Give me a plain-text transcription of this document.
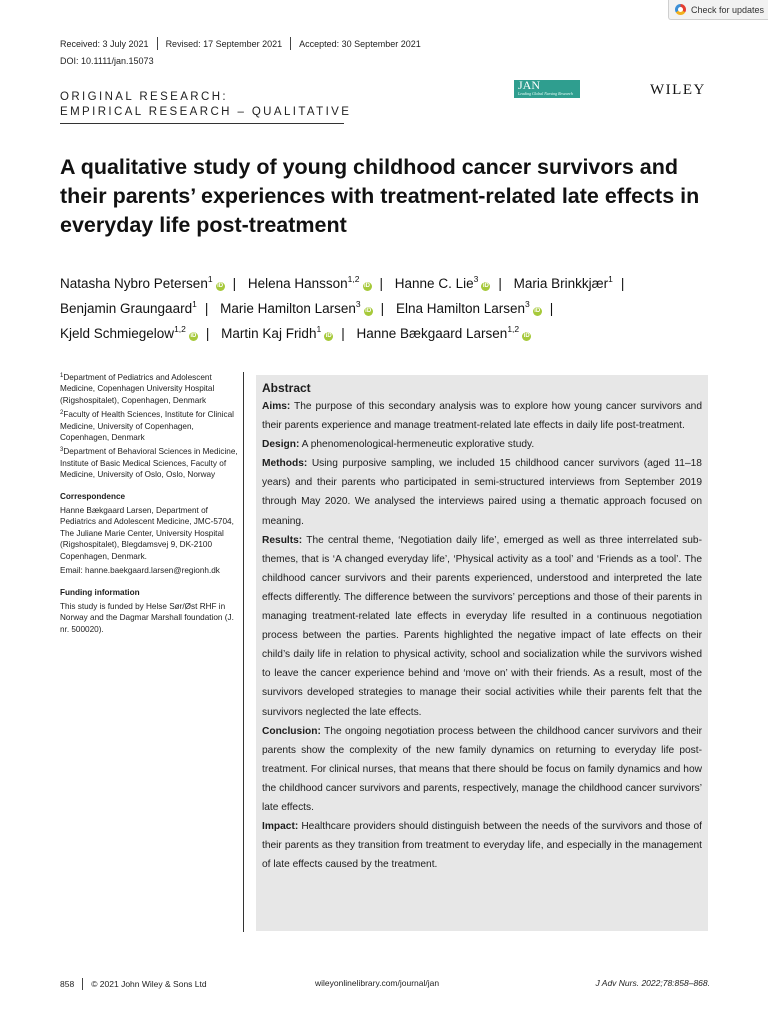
Check for updates
Received: 3 July 2021 Revised: 17 September 2021 Accepted: 30 September 2021
DOI: 10.1111/jan.15073
JAN
Leading Global Nursing Research	WILEY
ORIGINAL RESEARCH:
EMPIRICAL RESEARCH – QUALITATIVE
A qualitative study of young childhood cancer survivors and their parents’ experiences with treatment-related late effects in everyday life post-treatment
Natasha Nybro Petersen$^1$iD | Helena Hansson$^{1,2}$iD | Hanne C. Lie$^3$iD | Maria Brinkkjær$^1$ |
Benjamin Graungaard$^1$ | Marie Hamilton Larsen$^3$iD | Elna Hamilton Larsen$^3$iD |
Kjeld Schmiegelow$^{1,2}$iD | Martin Kaj Fridh$^1$iD | Hanne Bækgaard Larsen$^{1,2}$iD

$^1$Department of Pediatrics and Adolescent Medicine, Copenhagen University Hospital (Rigshospitalet), Copenhagen, Denmark

$^2$Faculty of Health Sciences, Institute for Clinical Medicine, University of Copenhagen, Copenhagen, Denmark

$^3$Department of Behavioral Sciences in Medicine, Institute of Basic Medical Sciences, Faculty of Medicine, University of Oslo, Oslo, Norway

Correspondence

Hanne Bækgaard Larsen, Department of Pediatrics and Adolescent Medicine, JMC-5704, The Juliane Marie Center, University Hospital (Rigshospitalet), Blegdamsvej 9, DK-2100 Copenhagen, Denmark.

Email: hanne.baekgaard.larsen@regionh.dk

Funding information

This study is funded by Helse Sør/Øst RHF in Norway and the Dagmar Marshall foundation (J. nr. 500020).

Abstract

Aims: The purpose of this secondary analysis was to explore how young cancer survivors and their parents experience and manage treatment-related late effects in daily life post-treatment.

Design: A phenomenological-hermeneutic explorative study.

Methods: Using purposive sampling, we included 15 childhood cancer survivors (aged 11–18 years) and their parents who participated in semi-structured interviews from September 2019 through May 2020. We analysed the interviews paired using a thematic approach focused on meaning.

Results: The central theme, ‘Negotiation daily life’, emerged as well as three interrelated sub-themes, that is ‘A changed everyday life’, ‘Physical activity as a tool’ and ‘Friends as a tool’. The childhood cancer survivors and their parents experienced, understood and interpreted the late effects differently. The difference between the survivors’ perceptions and those of their parents in managing treatment-related late effects in everyday life resulted in a continuous negotiation process between the parties. Parents highlighted the negative impact of late effects on their child’s daily life in relation to physical activity, school and socialization while the survivors wished to leave the cancer experience behind and ‘move on’ with their friends. As a result, most of the survivors developed strategies to manage their social activities while their parents felt that the survivors neglected the late effects.

Conclusion: The ongoing negotiation process between the childhood cancer survivors and their parents show the complexity of the new family dynamics on returning to everyday life post-treatment. For clinical nurses, that means that there should be focus on family dynamics and how the childhood cancer survivors and parents, respectively, manage the childhood cancer survivors’ late effects.

Impact: Healthcare providers should distinguish between the needs of the survivors and those of their parents as they transition from treatment to everyday life, and especially in the management of late effects caused by the treatment.

858 © 2021 John Wiley & Sons Ltd	wileyonlinelibrary.com/journal/jan	J Adv Nurs. 2022;78:858–868.
